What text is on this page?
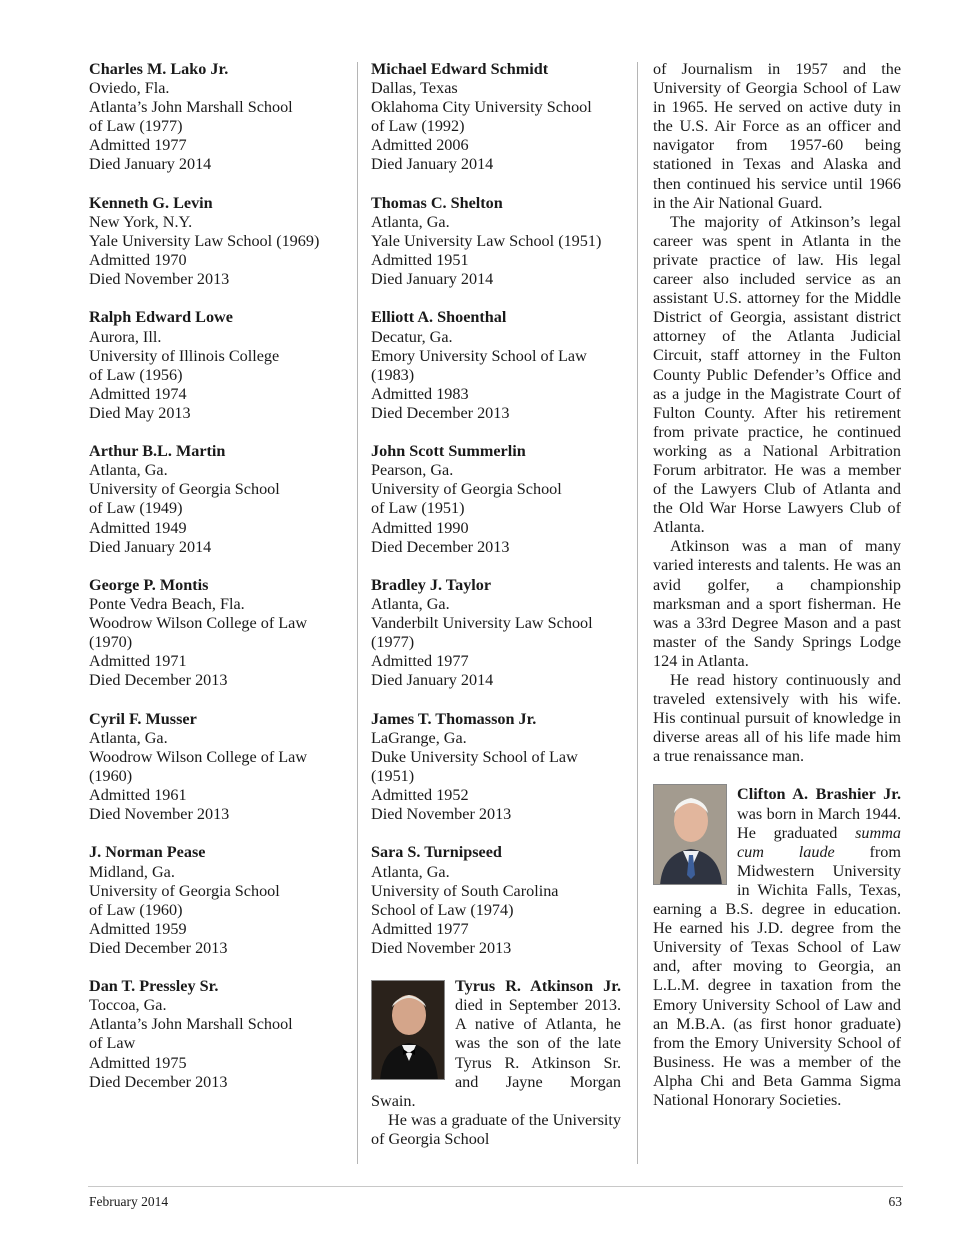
Charles M. Lako Jr.
Oviedo, Fla.
Atlanta’s John Marshall School
of Law (1977)
Admitted 1977
Died January 2014
Kenneth G. Levin
New York, N.Y.
Yale University Law School (1969)
Admitted 1970
Died November 2013
Ralph Edward Lowe
Aurora, Ill.
University of Illinois College
of Law (1956)
Admitted 1974
Died May 2013
Arthur B.L. Martin
Atlanta, Ga.
University of Georgia School
of Law (1949)
Admitted 1949
Died January 2014
George P. Montis
Ponte Vedra Beach, Fla.
Woodrow Wilson College of Law
(1970)
Admitted 1971
Died December 2013
Cyril F. Musser
Atlanta, Ga.
Woodrow Wilson College of Law
(1960)
Admitted 1961
Died November 2013
J. Norman Pease
Midland, Ga.
University of Georgia School
of Law (1960)
Admitted 1959
Died December 2013
Dan T. Pressley Sr.
Toccoa, Ga.
Atlanta’s John Marshall School
of Law
Admitted 1975
Died December 2013
Michael Edward Schmidt
Dallas, Texas
Oklahoma City University School
of Law (1992)
Admitted 2006
Died January 2014
Thomas C. Shelton
Atlanta, Ga.
Yale University Law School (1951)
Admitted 1951
Died January 2014
Elliott A. Shoenthal
Decatur, Ga.
Emory University School of Law
(1983)
Admitted 1983
Died December 2013
John Scott Summerlin
Pearson, Ga.
University of Georgia School
of Law (1951)
Admitted 1990
Died December 2013
Bradley J. Taylor
Atlanta, Ga.
Vanderbilt University Law School
(1977)
Admitted 1977
Died January 2014
James T. Thomasson Jr.
LaGrange, Ga.
Duke University School of Law
(1951)
Admitted 1952
Died November 2013
Sara S. Turnipseed
Atlanta, Ga.
University of South Carolina
School of Law (1974)
Admitted 1977
Died November 2013

Tyrus R. Atkinson Jr. died in September 2013. A native of Atlanta, he was the son of the late Tyrus R. Atkinson Sr. and Jayne Morgan Swain.

He was a graduate of the University of Georgia School

of Journalism in 1957 and the University of Georgia School of Law in 1965. He served on active duty in the U.S. Air Force as an officer and navigator from 1957-60 being stationed in Texas and Alaska and then continued his service until 1966 in the Air National Guard.

The majority of Atkinson’s legal career was spent in Atlanta in the private practice of law. His legal career also included service as an assistant U.S. attorney for the Middle District of Georgia, assistant district attorney of the Atlanta Judicial Circuit, staff attorney in the Fulton County Public Defender’s Office and as a judge in the Magistrate Court of Fulton County. After his retirement from private practice, he continued working as a National Arbitration Forum arbitrator. He was a member of the Lawyers Club of Atlanta and the Old War Horse Lawyers Club of Atlanta.

Atkinson was a man of many varied interests and talents. He was an avid golfer, a championship marksman and a sport fisherman. He was a 33rd Degree Mason and a past master of the Sandy Springs Lodge 124 in Atlanta.

He read history continuously and traveled extensively with his wife. His continual pursuit of knowledge in diverse areas all of his life made him a true renaissance man.

Clifton A. Brashier Jr. was born in March 1944. He graduated summa cum laude from Midwestern University in Wichita Falls, Texas, earning a B.S. degree in education. He earned his J.D. degree from the University of Texas School of Law and, after moving to Georgia, an L.L.M. degree in taxation from the Emory University School of Law and an M.B.A. (as first honor graduate) from the Emory University School of Business. He was a member of the Alpha Chi and Beta Gamma Sigma National Honorary Societies.

February 2014	63
